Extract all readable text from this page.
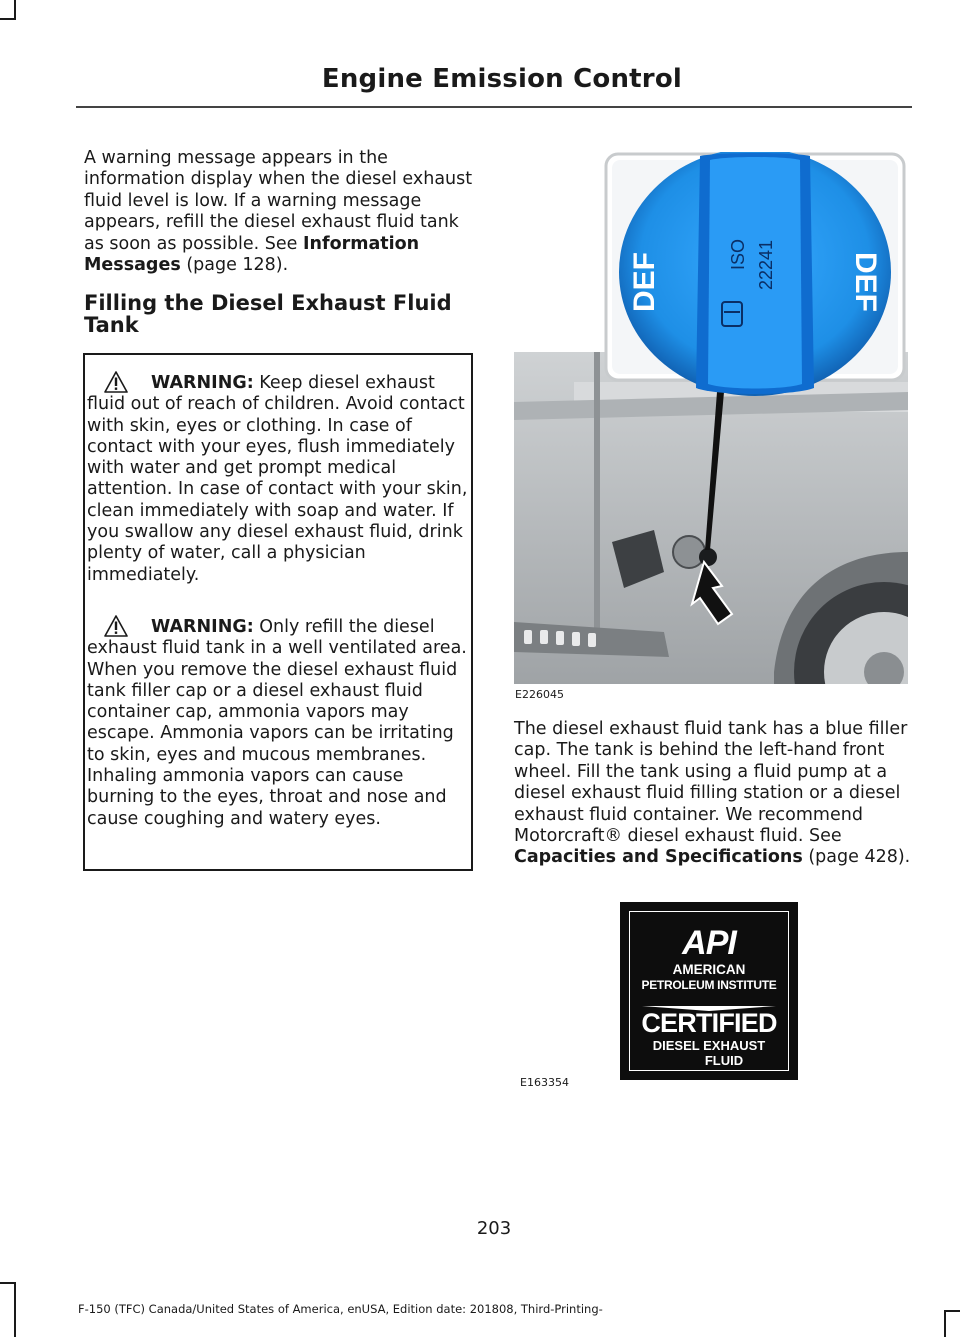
Engine Emission Control
A warning message appears in the information display when the diesel exhaust fluid level is low. If a warning message appears, refill the diesel exhaust fluid tank as soon as possible. See Information Messages (page 128).
Filling the Diesel Exhaust Fluid Tank
WARNING: Keep diesel exhaust fluid out of reach of children. Avoid contact with skin, eyes or clothing. In case of contact with your eyes, flush immediately with water and get prompt medical attention. In case of contact with your skin, clean immediately with soap and water. If you swallow any diesel exhaust fluid, drink plenty of water, call a physician immediately.
WARNING: Only refill the diesel exhaust fluid tank in a well ventilated area. When you remove the diesel exhaust fluid tank filler cap or a diesel exhaust fluid container cap, ammonia vapors may escape. Ammonia vapors can be irritating to skin, eyes and mucous membranes. Inhaling ammonia vapors can cause burning to the eyes, throat and nose and cause coughing and watery eyes.
DEF	DEF
ISO 22241
E226045
The diesel exhaust fluid tank has a blue filler cap. The tank is behind the left-hand front wheel. Fill the tank using a fluid pump at a diesel exhaust fluid filling station or a diesel exhaust fluid container. We recommend Motorcraft® diesel exhaust fluid. See Capacities and Specifications (page 428).
API
AMERICAN
PETROLEUM INSTITUTE
CERTIFIED
DIESEL EXHAUST
FLUID
E163354
203
F-150 (TFC) Canada/United States of America, enUSA, Edition date: 201808, Third-Printing-
